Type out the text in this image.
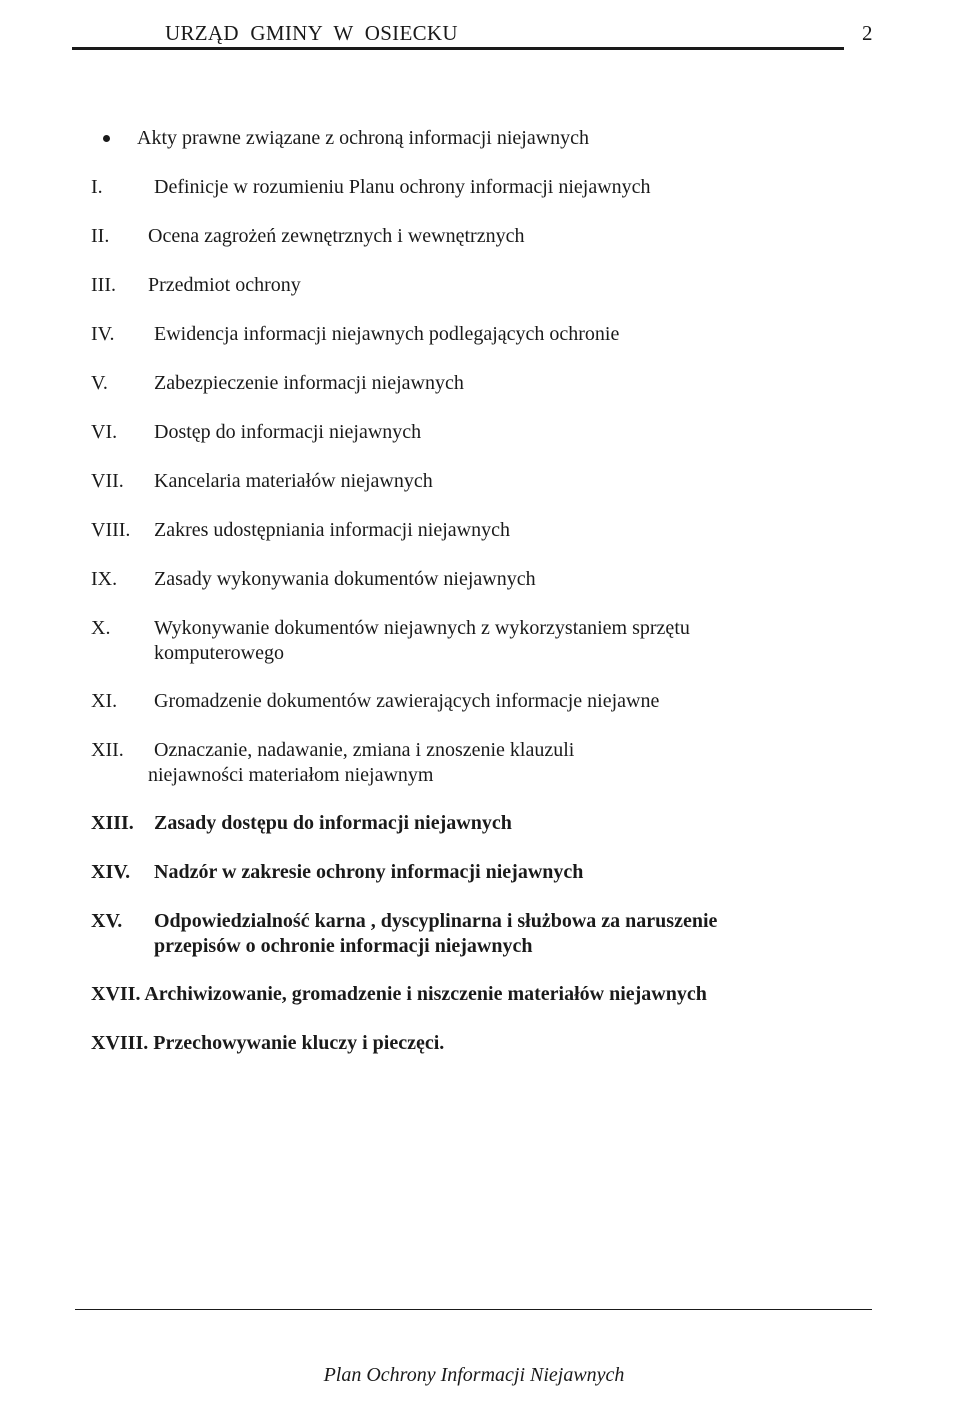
URZĄD GMINY W OSIECKU	2
Akty prawne związane z ochroną informacji niejawnych
I.	Definicje w rozumieniu Planu ochrony informacji niejawnych
II. Ocena zagrożeń zewnętrznych i wewnętrznych
III. Przedmiot ochrony
IV. Ewidencja informacji niejawnych podlegających ochronie
V. Zabezpieczenie informacji niejawnych
VI. Dostęp do informacji niejawnych
VII. Kancelaria materiałów niejawnych
VIII. Zakres udostępniania informacji niejawnych
IX. Zasady wykonywania dokumentów niejawnych
X. Wykonywanie dokumentów niejawnych z wykorzystaniem sprzętu
komputerowego
XI. Gromadzenie dokumentów zawierających informacje niejawne
XII. Oznaczanie, nadawanie, zmiana i znoszenie klauzuli
niejawności materiałom niejawnym
XIII. Zasady dostępu do informacji niejawnych
XIV. Nadzór w zakresie ochrony informacji niejawnych
XV. Odpowiedzialność karna , dyscyplinarna i służbowa za naruszenie
przepisów o ochronie informacji niejawnych
XVII. Archiwizowanie, gromadzenie i niszczenie materiałów niejawnych
XVIII. Przechowywanie kluczy i pieczęci.
Plan Ochrony Informacji Niejawnych
